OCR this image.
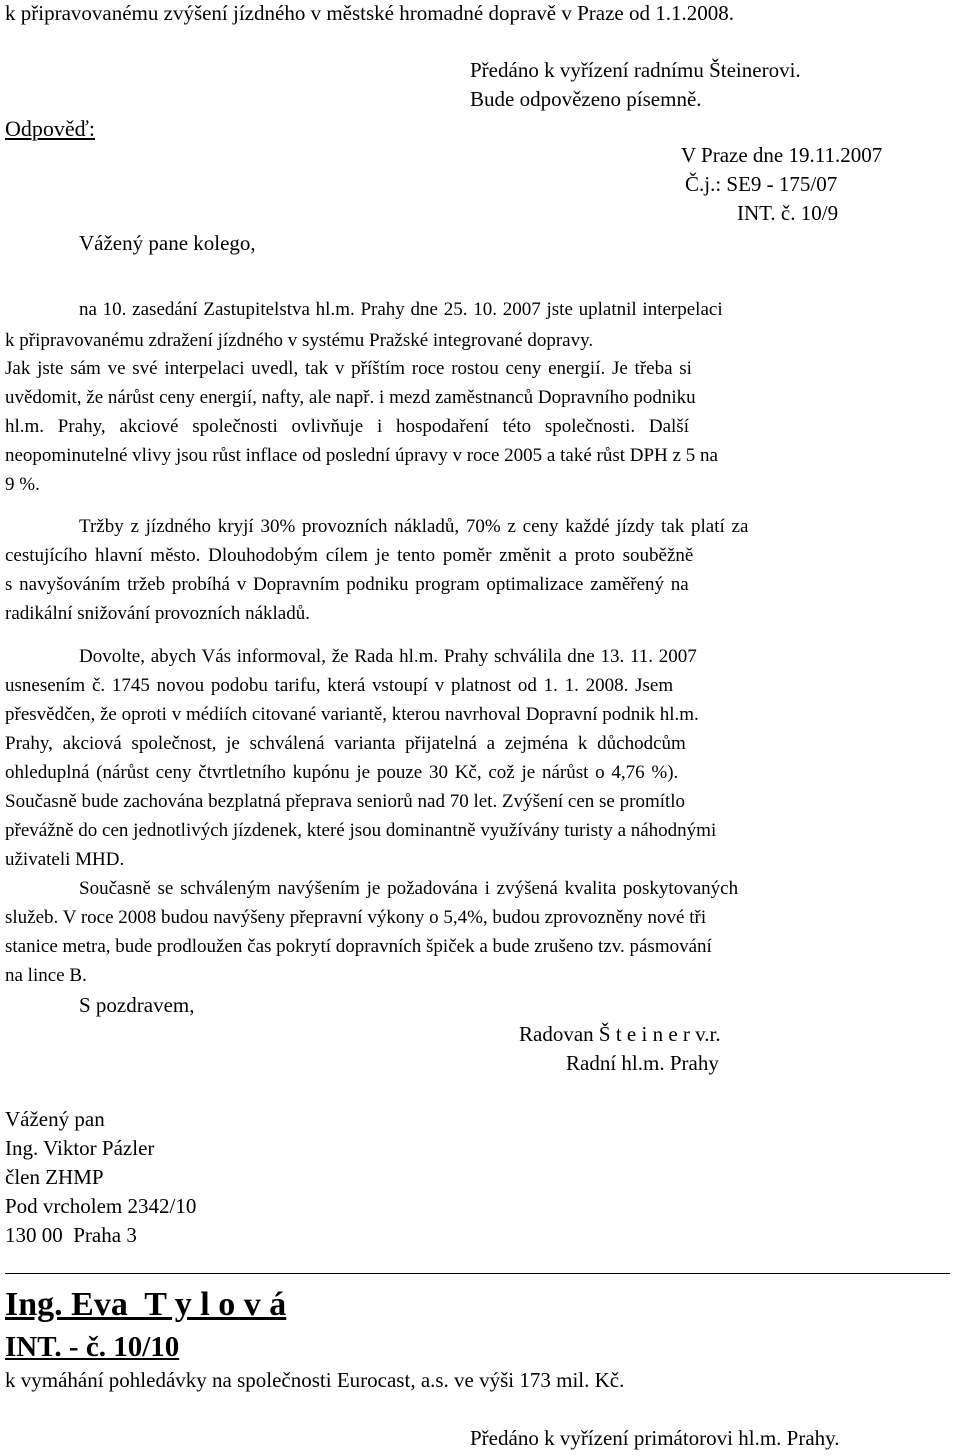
k připravovanému zvýšení jízdného v městské hromadné dopravě v Praze od 1.1.2008.
Odpověď:
Předáno k vyřízení radnímu Šteinerovi.
Bude odpovězeno písemně.
V Praze dne 19.11.2007
Č.j.: SE9 - 175/07
INT. č. 10/9
Vážený pane kolego,
na 10. zasedání Zastupitelstva hl.m. Prahy dne 25. 10. 2007 jste uplatnil interpelaci
k připravovanému zdražení jízdného v systému Pražské integrované dopravy.
Jak jste sám ve své interpelaci uvedl, tak v příštím roce rostou ceny energií. Je třeba si
uvědomit, že nárůst ceny energií, nafty, ale např. i mezd zaměstnanců Dopravního podniku
hl.m. Prahy, akciové společnosti ovlivňuje i hospodaření této společnosti. Další
neopominutelné vlivy jsou růst inflace od poslední úpravy v roce 2005 a také růst DPH z 5 na
9 %.
Tržby z jízdného kryjí 30% provozních nákladů, 70% z ceny každé jízdy tak platí za
cestujícího hlavní město. Dlouhodobým cílem je tento poměr změnit a proto souběžně
s navyšováním tržeb probíhá v Dopravním podniku program optimalizace zaměřený na
radikální snižování provozních nákladů.
Dovolte, abych Vás informoval, že Rada hl.m. Prahy schválila dne 13. 11. 2007
usnesením č. 1745 novou podobu tarifu, která vstoupí v platnost od 1. 1. 2008. Jsem
přesvědčen, že oproti v médiích citované variantě, kterou navrhoval Dopravní podnik hl.m.
Prahy, akciová společnost, je schválená varianta přijatelná a zejména k důchodcům
ohleduplná (nárůst ceny čtvrtletního kupónu je pouze 30 Kč, což je nárůst o 4,76 %).
Současně bude zachována bezplatná přeprava seniorů nad 70 let. Zvýšení cen se promítlo
převážně do cen jednotlivých jízdenek, které jsou dominantně využívány turisty a náhodnými
uživateli MHD.
Současně se schváleným navýšením je požadována i zvýšená kvalita poskytovaných
služeb. V roce 2008 budou navýšeny přepravní výkony o 5,4%, budou zprovozněny nové tři
stanice metra, bude prodloužen čas pokrytí dopravních špiček a bude zrušeno tzv. pásmování
na lince B.
S pozdravem,
Radovan Š t e i n e r v.r.
Radní hl.m. Prahy
Vážený pan
Ing. Viktor Pázler
člen ZHMP
Pod vrcholem 2342/10
130 00  Praha 3
Ing. Eva  T y l o v á
INT. - č. 10/10
k vymáhání pohledávky na společnosti Eurocast, a.s. ve výši 173 mil. Kč.
Předáno k vyřízení primátorovi hl.m. Prahy.
